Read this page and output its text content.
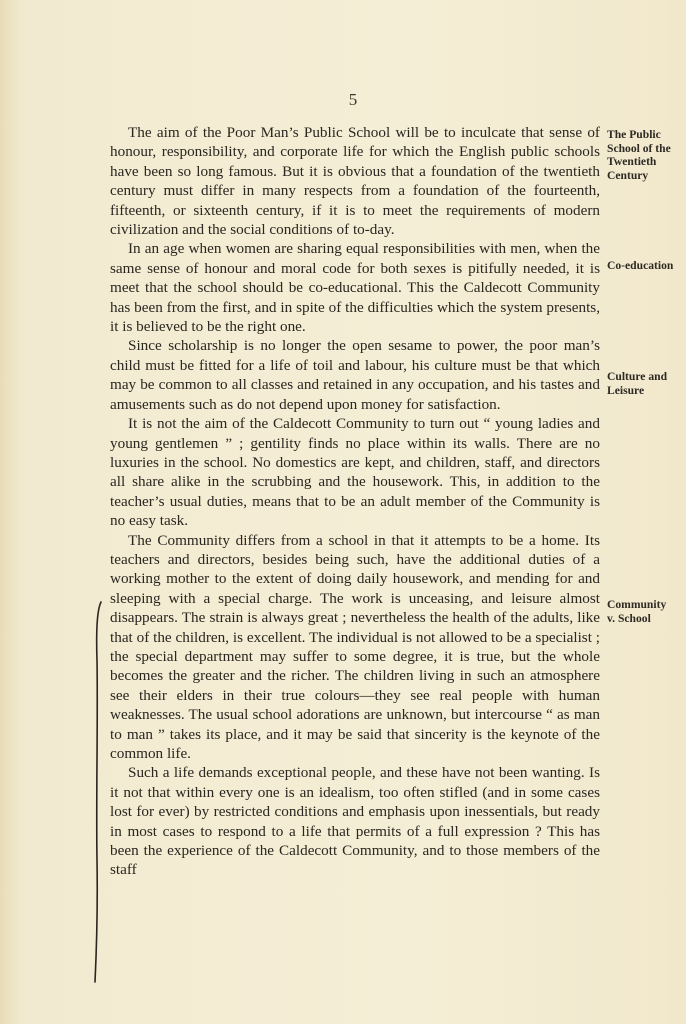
5

The aim of the Poor Man’s Public School will be to inculcate that sense of honour, responsibility, and corporate life for which the English public schools have been so long famous. But it is obvious that a foundation of the twentieth century must differ in many respects from a foundation of the fourteenth, fifteenth, or sixteenth century, if it is to meet the requirements of modern civilization and the social conditions of to-day.

In an age when women are sharing equal responsibilities with men, when the same sense of honour and moral code for both sexes is pitifully needed, it is meet that the school should be co-educational. This the Caldecott Community has been from the first, and in spite of the difficulties which the system presents, it is believed to be the right one.

Since scholarship is no longer the open sesame to power, the poor man’s child must be fitted for a life of toil and labour, his culture must be that which may be common to all classes and retained in any occupation, and his tastes and amusements such as do not depend upon money for satisfaction.

It is not the aim of the Caldecott Community to turn out “ young ladies and young gentlemen ” ; gentility finds no place within its walls. There are no luxuries in the school. No domestics are kept, and children, staff, and directors all share alike in the scrubbing and the housework. This, in addition to the teacher’s usual duties, means that to be an adult member of the Community is no easy task.

The Community differs from a school in that it attempts to be a home. Its teachers and directors, besides being such, have the additional duties of a working mother to the extent of doing daily housework, and mending for and sleeping with a special charge. The work is unceasing, and leisure almost disappears. The strain is always great ; nevertheless the health of the adults, like that of the children, is excellent. The individual is not allowed to be a specialist ; the special department may suffer to some degree, it is true, but the whole becomes the greater and the richer. The children living in such an atmosphere see their elders in their true colours—they see real people with human weaknesses. The usual school adorations are unknown, but intercourse “ as man to man ” takes its place, and it may be said that sincerity is the keynote of the common life.

Such a life demands exceptional people, and these have not been wanting. Is it not that within every one is an idealism, too often stifled (and in some cases lost for ever) by restricted conditions and emphasis upon inessentials, but ready in most cases to respond to a life that permits of a full expression ? This has been the experience of the Caldecott Community, and to those members of the staff

The Public
School of the
Twentieth
Century
Co-education
Culture and
Leisure
Community
v. School
